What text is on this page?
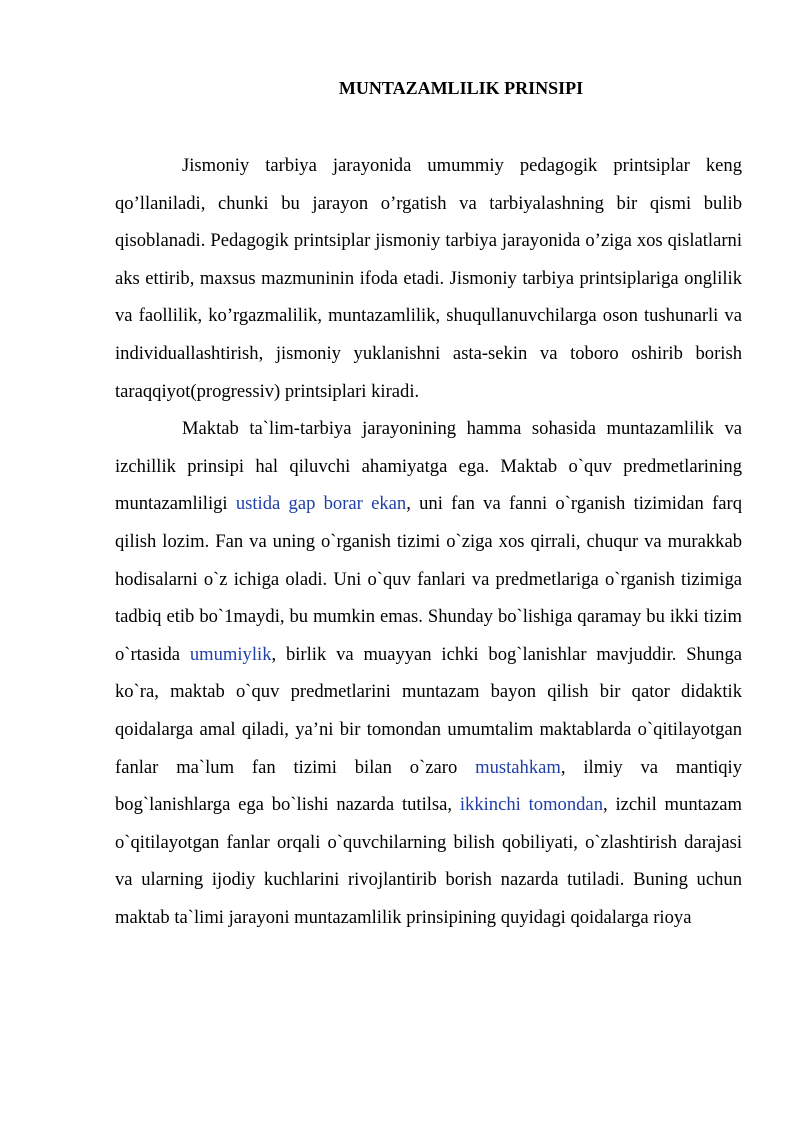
MUNTAZAMLILIK PRINSIPI

Jismoniy tarbiya jarayonida umummiy pedagogik printsiplar keng qo’llaniladi, chunki bu jarayon o’rgatish va tarbiyalashning bir qismi bulib qisoblanadi. Pedagogik printsiplar jismoniy tarbiya jarayonida o’ziga xos qislatlarni aks ettirib, maxsus mazmuninin ifoda etadi. Jismoniy tarbiya printsiplariga onglilik va faollilik, ko’rgazmalilik, muntazamlilik, shuqullanuvchilarga oson tushunarli va individuallashtirish, jismoniy yuklanishni asta-sekin va toboro oshirib borish taraqqiyot(progressiv) printsiplari kiradi.

Maktab ta`lim-tarbiya jarayonining hamma sohasida muntazamlilik va izchillik prinsipi hal qiluvchi ahamiyatga ega. Maktab o`quv predmetlarining muntazamliligi ustida gap borar ekan, uni fan va fanni o`rganish tizimidan farq qilish lozim. Fan va uning o`rganish tizimi o`ziga xos qirrali, chuqur va murakkab hodisalarni o`z ichiga oladi. Uni o`quv fanlari va predmetlariga o`rganish tizimiga tadbiq etib bo`1maydi, bu mumkin emas. Shunday bo`lishiga qaramay bu ikki tizim o`rtasida umumiylik, birlik va muayyan ichki bog`lanishlar mavjuddir. Shunga ko`ra, maktab o`quv predmetlarini muntazam bayon qilish bir qator didaktik qoidalarga amal qiladi, ya’ni bir tomondan umumtalim maktablarda o`qitilayotgan fanlar ma`lum fan tizimi bilan o`zaro mustahkam, ilmiy va mantiqiy bog`lanishlarga ega bo`lishi nazarda tutilsa, ikkinchi tomondan, izchil muntazam o`qitilayotgan fanlar orqali o`quvchilarning bilish qobiliyati, o`zlashtirish darajasi va ularning ijodiy kuchlarini rivojlantirib borish nazarda tutiladi. Buning uchun maktab ta`limi jarayoni muntazamlilik prinsipining quyidagi qoidalarga rioya
